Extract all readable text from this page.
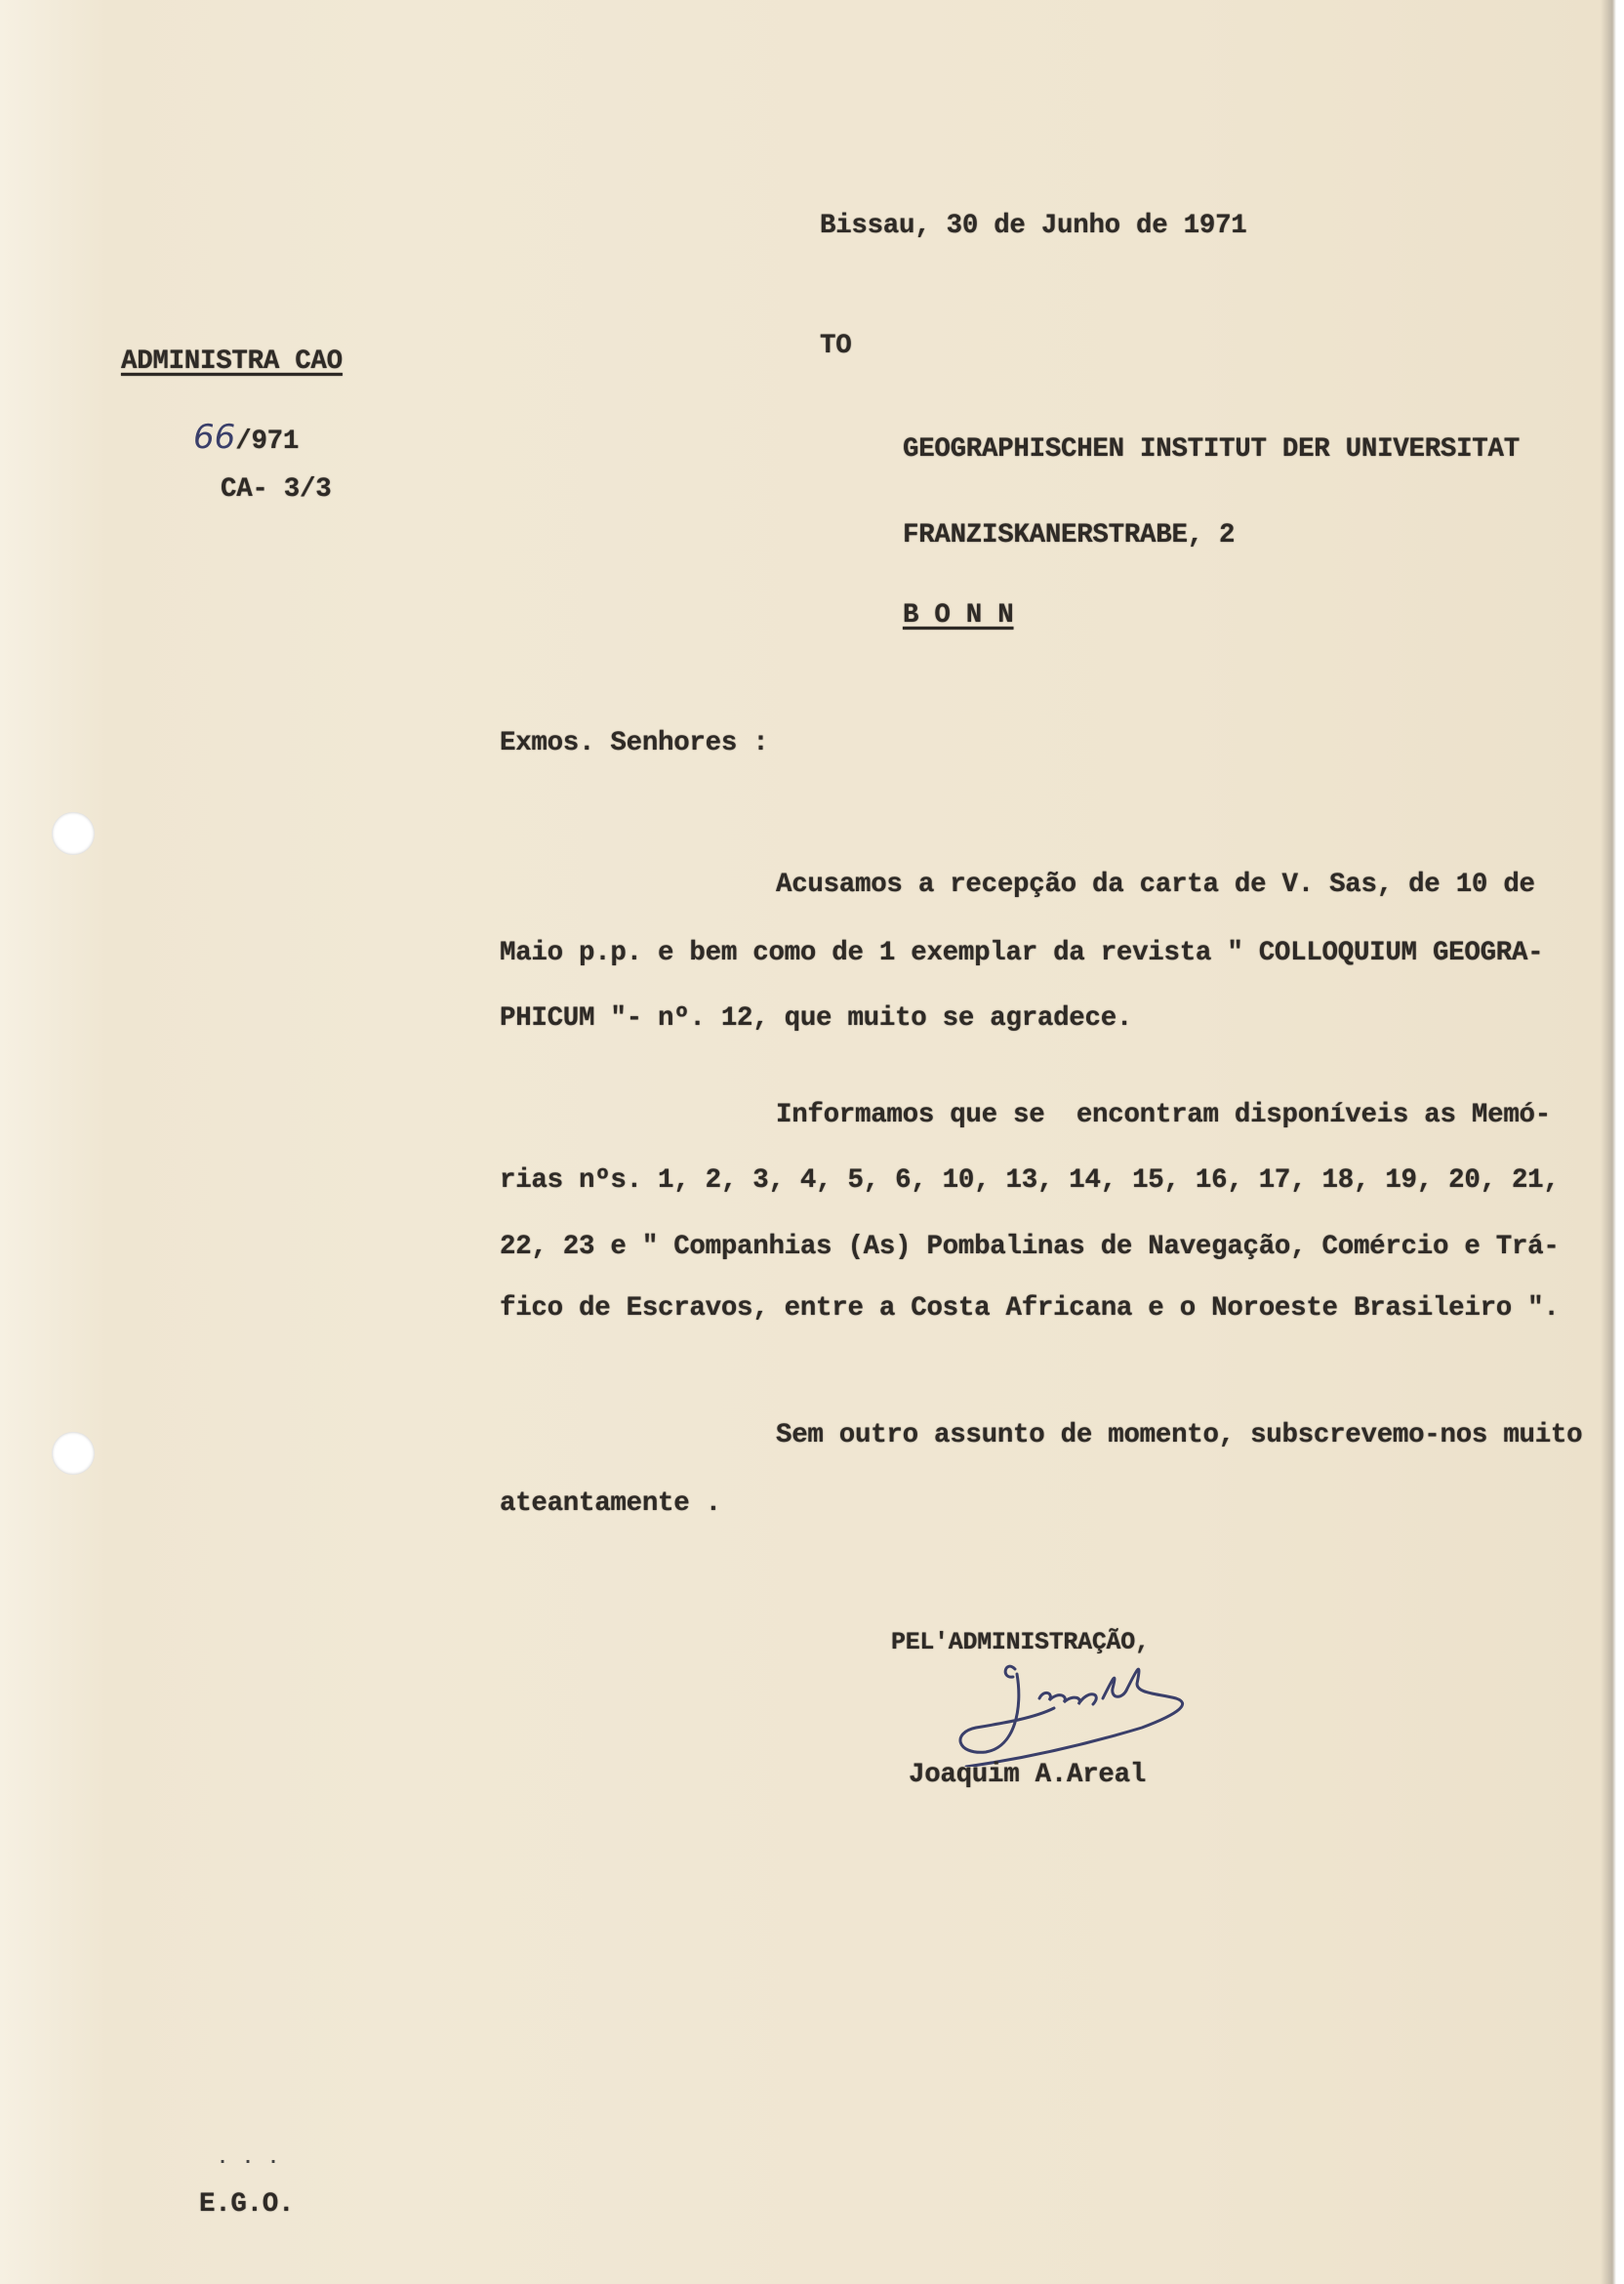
Bissau, 30 de Junho de 1971
TO
ADMINISTRA CAO
66/971
CA- 3/3
GEOGRAPHISCHEN INSTITUT DER UNIVERSITAT
FRANZISKANERSTRABE, 2
B O N N
Exmos. Senhores :
Acusamos a recepção da carta de V. Sas, de 10 de
Maio p.p. e bem como de 1 exemplar da revista " COLLOQUIUM GEOGRA-
PHICUM "- nº. 12, que muito se agradece.
Informamos que se  encontram disponíveis as Memó-
rias nºs. 1, 2, 3, 4, 5, 6, 10, 13, 14, 15, 16, 17, 18, 19, 20, 21,
22, 23 e " Companhias (As) Pombalinas de Navegação, Comércio e Trá-
fico de Escravos, entre a Costa Africana e o Noroeste Brasileiro ".
Sem outro assunto de momento, subscrevemo-nos muito
ateantamente .
PEL'ADMINISTRAÇÃO,
Joaquim A.Areal
...
E.G.O.
